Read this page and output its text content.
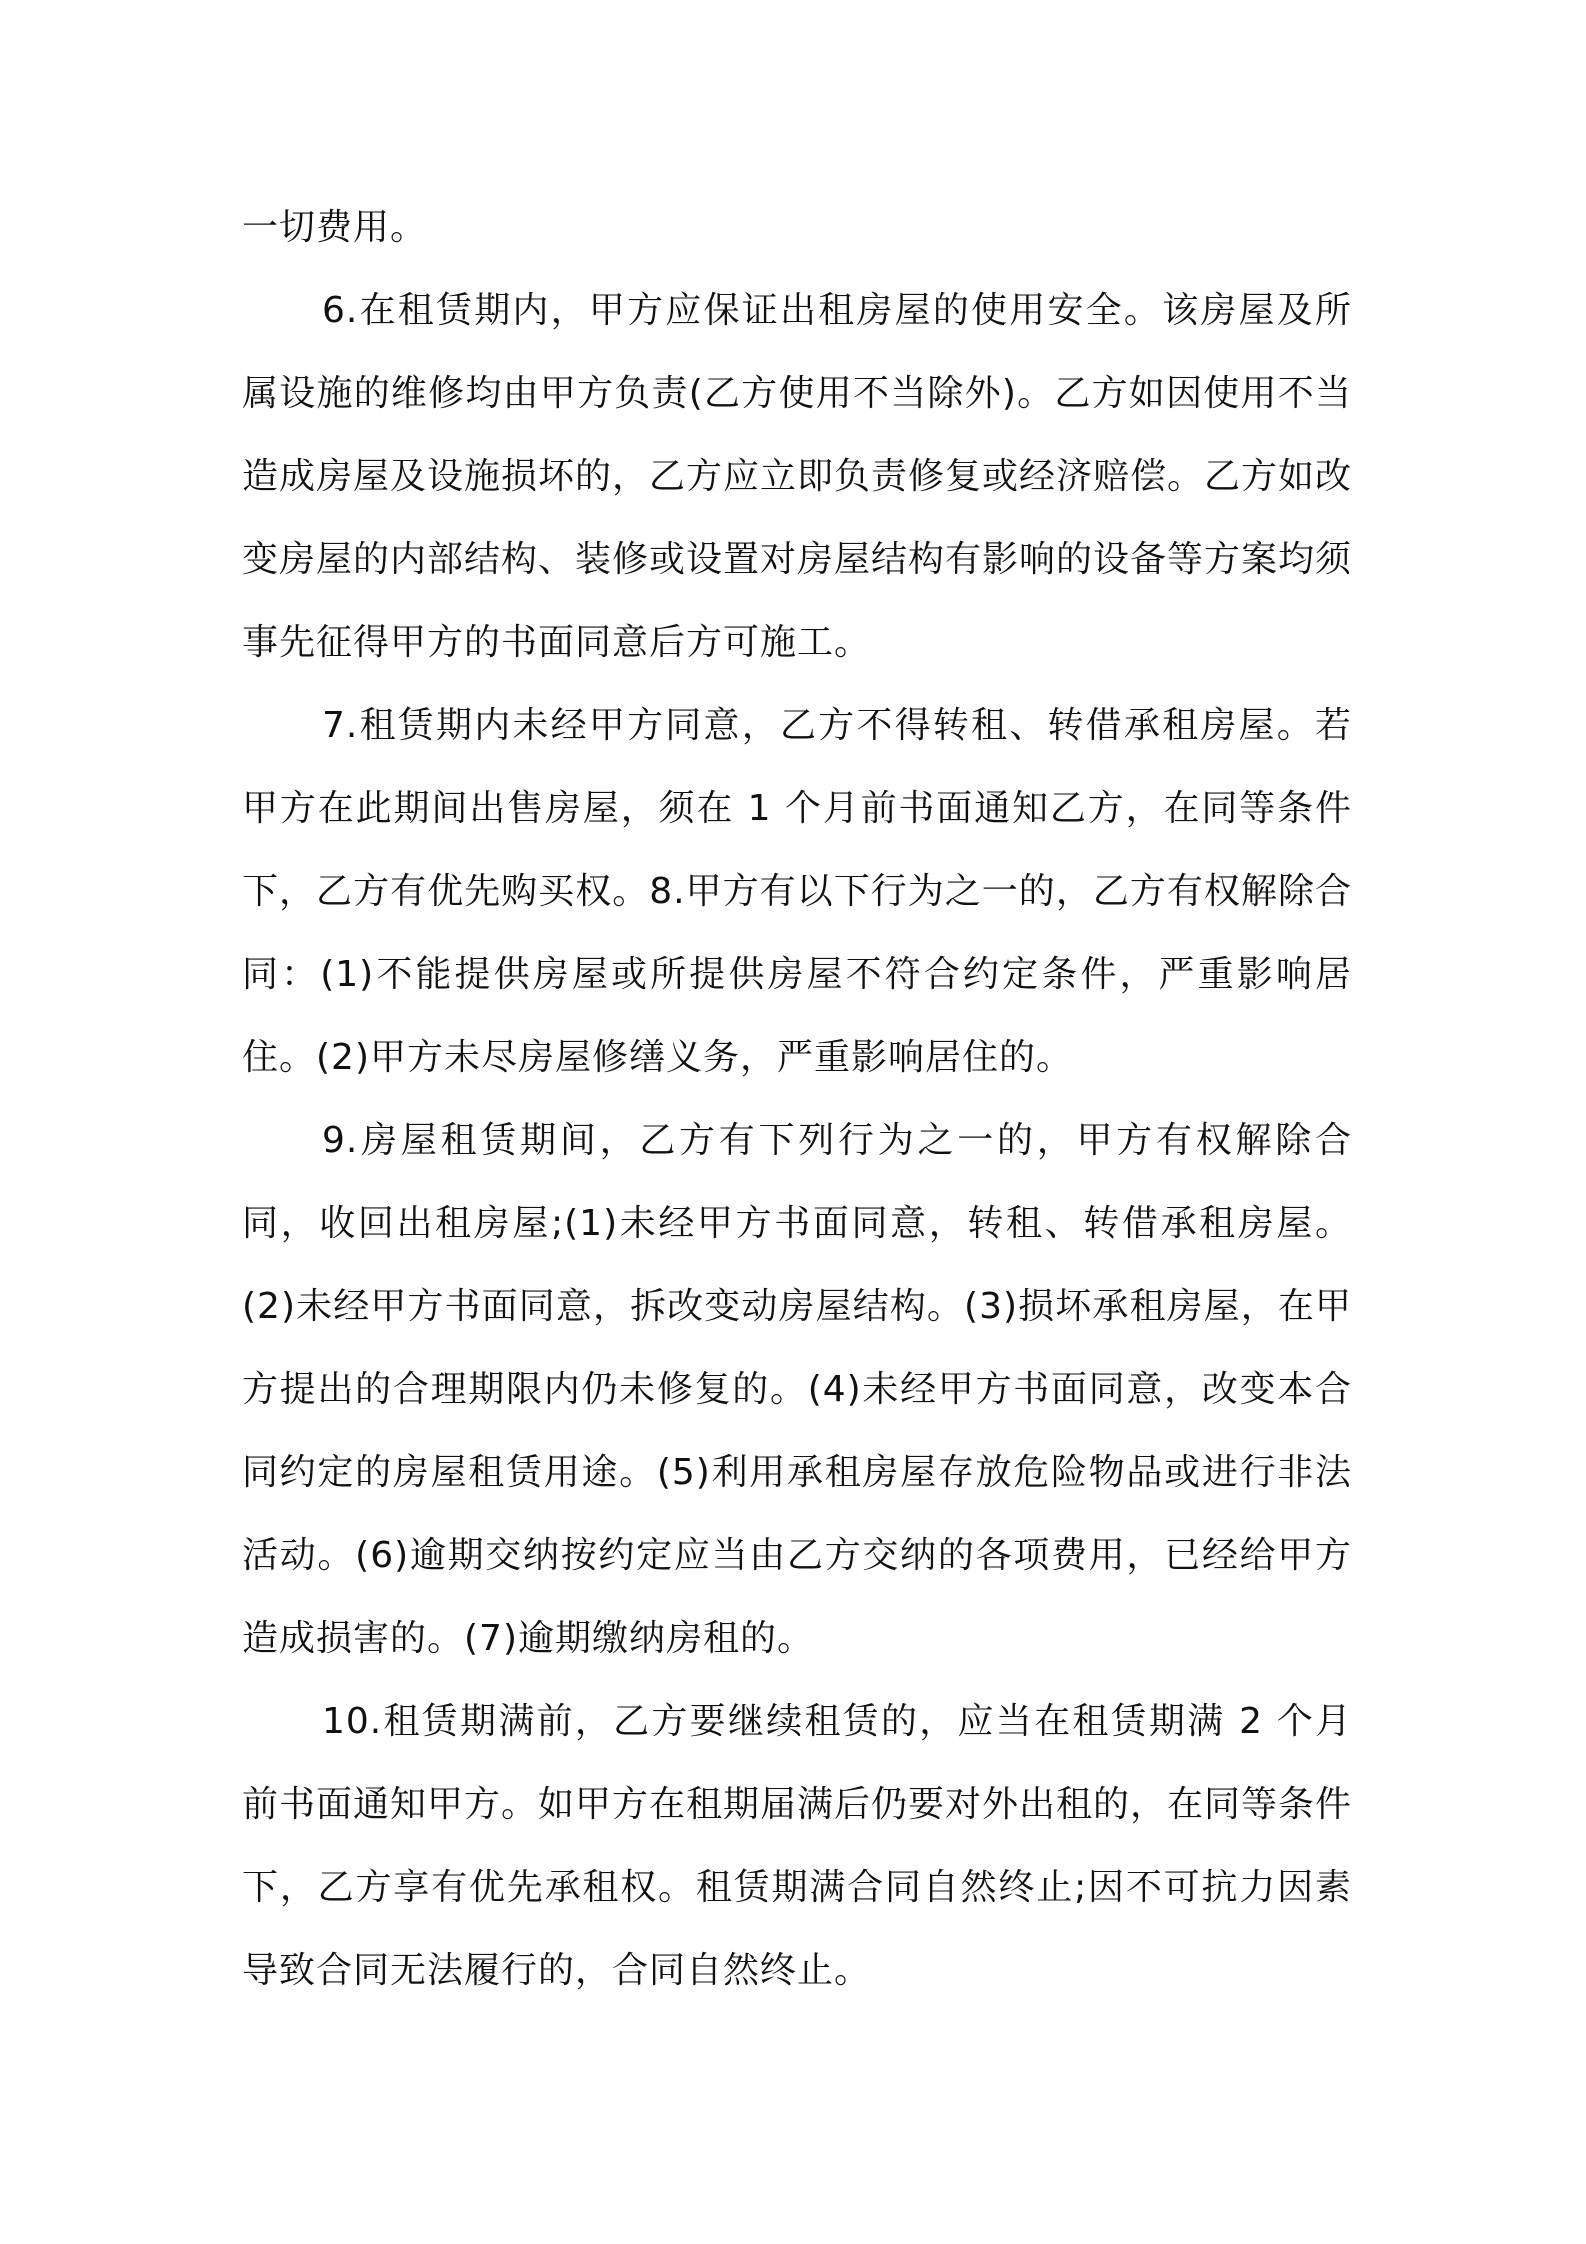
一切费用。

6.在租赁期内，甲方应保证出租房屋的使用安全。该房屋及所属设施的维修均由甲方负责(乙方使用不当除外)。乙方如因使用不当造成房屋及设施损坏的，乙方应立即负责修复或经济赔偿。乙方如改变房屋的内部结构、装修或设置对房屋结构有影响的设备等方案均须事先征得甲方的书面同意后方可施工。

7.租赁期内未经甲方同意，乙方不得转租、转借承租房屋。若甲方在此期间出售房屋，须在 1 个月前书面通知乙方，在同等条件下，乙方有优先购买权。8.甲方有以下行为之一的，乙方有权解除合同：(1)不能提供房屋或所提供房屋不符合约定条件，严重影响居住。(2)甲方未尽房屋修缮义务，严重影响居住的。

9.房屋租赁期间，乙方有下列行为之一的，甲方有权解除合同，收回出租房屋;(1)未经甲方书面同意，转租、转借承租房屋。(2)未经甲方书面同意，拆改变动房屋结构。(3)损坏承租房屋，在甲方提出的合理期限内仍未修复的。(4)未经甲方书面同意，改变本合同约定的房屋租赁用途。(5)利用承租房屋存放危险物品或进行非法活动。(6)逾期交纳按约定应当由乙方交纳的各项费用，已经给甲方造成损害的。(7)逾期缴纳房租的。

10.租赁期满前，乙方要继续租赁的，应当在租赁期满 2 个月前书面通知甲方。如甲方在租期届满后仍要对外出租的，在同等条件下，乙方享有优先承租权。租赁期满合同自然终止;因不可抗力因素导致合同无法履行的，合同自然终止。
